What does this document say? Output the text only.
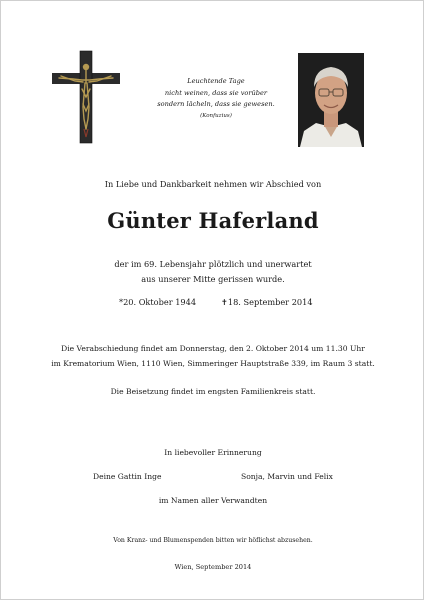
Leuchtende Tage
nicht weinen, dass sie vorüber
sondern lächeln, dass sie gewesen.
(Konfuzius)
In Liebe und Dankbarkeit nehmen wir Abschied von
Günter Haferland
der im 69. Lebensjahr plötzlich und unerwartet
aus unserer Mitte gerissen wurde.
*20. Oktober 1944	✝18. September 2014
Die Verabschiedung findet am Donnerstag, den 2. Oktober 2014 um 11.30 Uhr
im Krematorium Wien, 1110 Wien, Simmeringer Hauptstraße 339, im Raum 3 statt.
Die Beisetzung findet im engsten Familienkreis statt.
In liebevoller Erinnerung
Deine Gattin Inge	Sonja, Marvin und Felix
im Namen aller Verwandten
Von Kranz- und Blumenspenden bitten wir höflichst abzusehen.
Wien, September 2014
